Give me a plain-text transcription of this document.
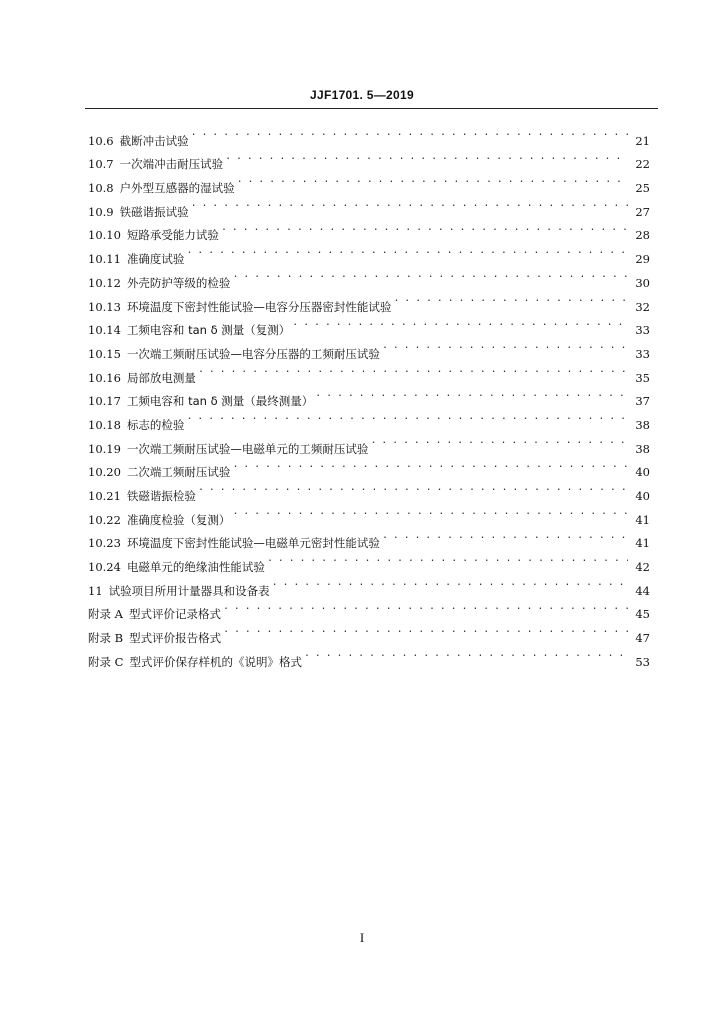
JJF1701. 5—2019
10.6 截断冲击试验 . . .	21
10.7 一次端冲击耐压试验 . . .	22
10.8 户外型互感器的湿试验 . . .	25
10.9 铁磁谐振试验 . . .	27
10.10 短路承受能力试验 . . .	28
10.11 准确度试验 . . .	29
10.12 外壳防护等级的检验 . . .	30
10.13 环境温度下密封性能试验—电容分压器密封性能试验 . . .	32
10.14 工频电容和 tan δ 测量（复测） . . .	33
10.15 一次端工频耐压试验—电容分压器的工频耐压试验 . . .	33
10.16 局部放电测量 . . .	35
10.17 工频电容和 tan δ 测量（最终测量） . . .	37
10.18 标志的检验 . . .	38
10.19 一次端工频耐压试验—电磁单元的工频耐压试验 . . .	38
10.20 二次端工频耐压试验 . . .	40
10.21 铁磁谐振检验 . . .	40
10.22 准确度检验（复测） . . .	41
10.23 环境温度下密封性能试验—电磁单元密封性能试验 . . .	41
10.24 电磁单元的绝缘油性能试验 . . .	42
11 试验项目所用计量器具和设备表 . . .	44
附录 A 型式评价记录格式 . . .	45
附录 B 型式评价报告格式 . . .	47
附录 C 型式评价保存样机的《说明》格式 . . .	53
I
